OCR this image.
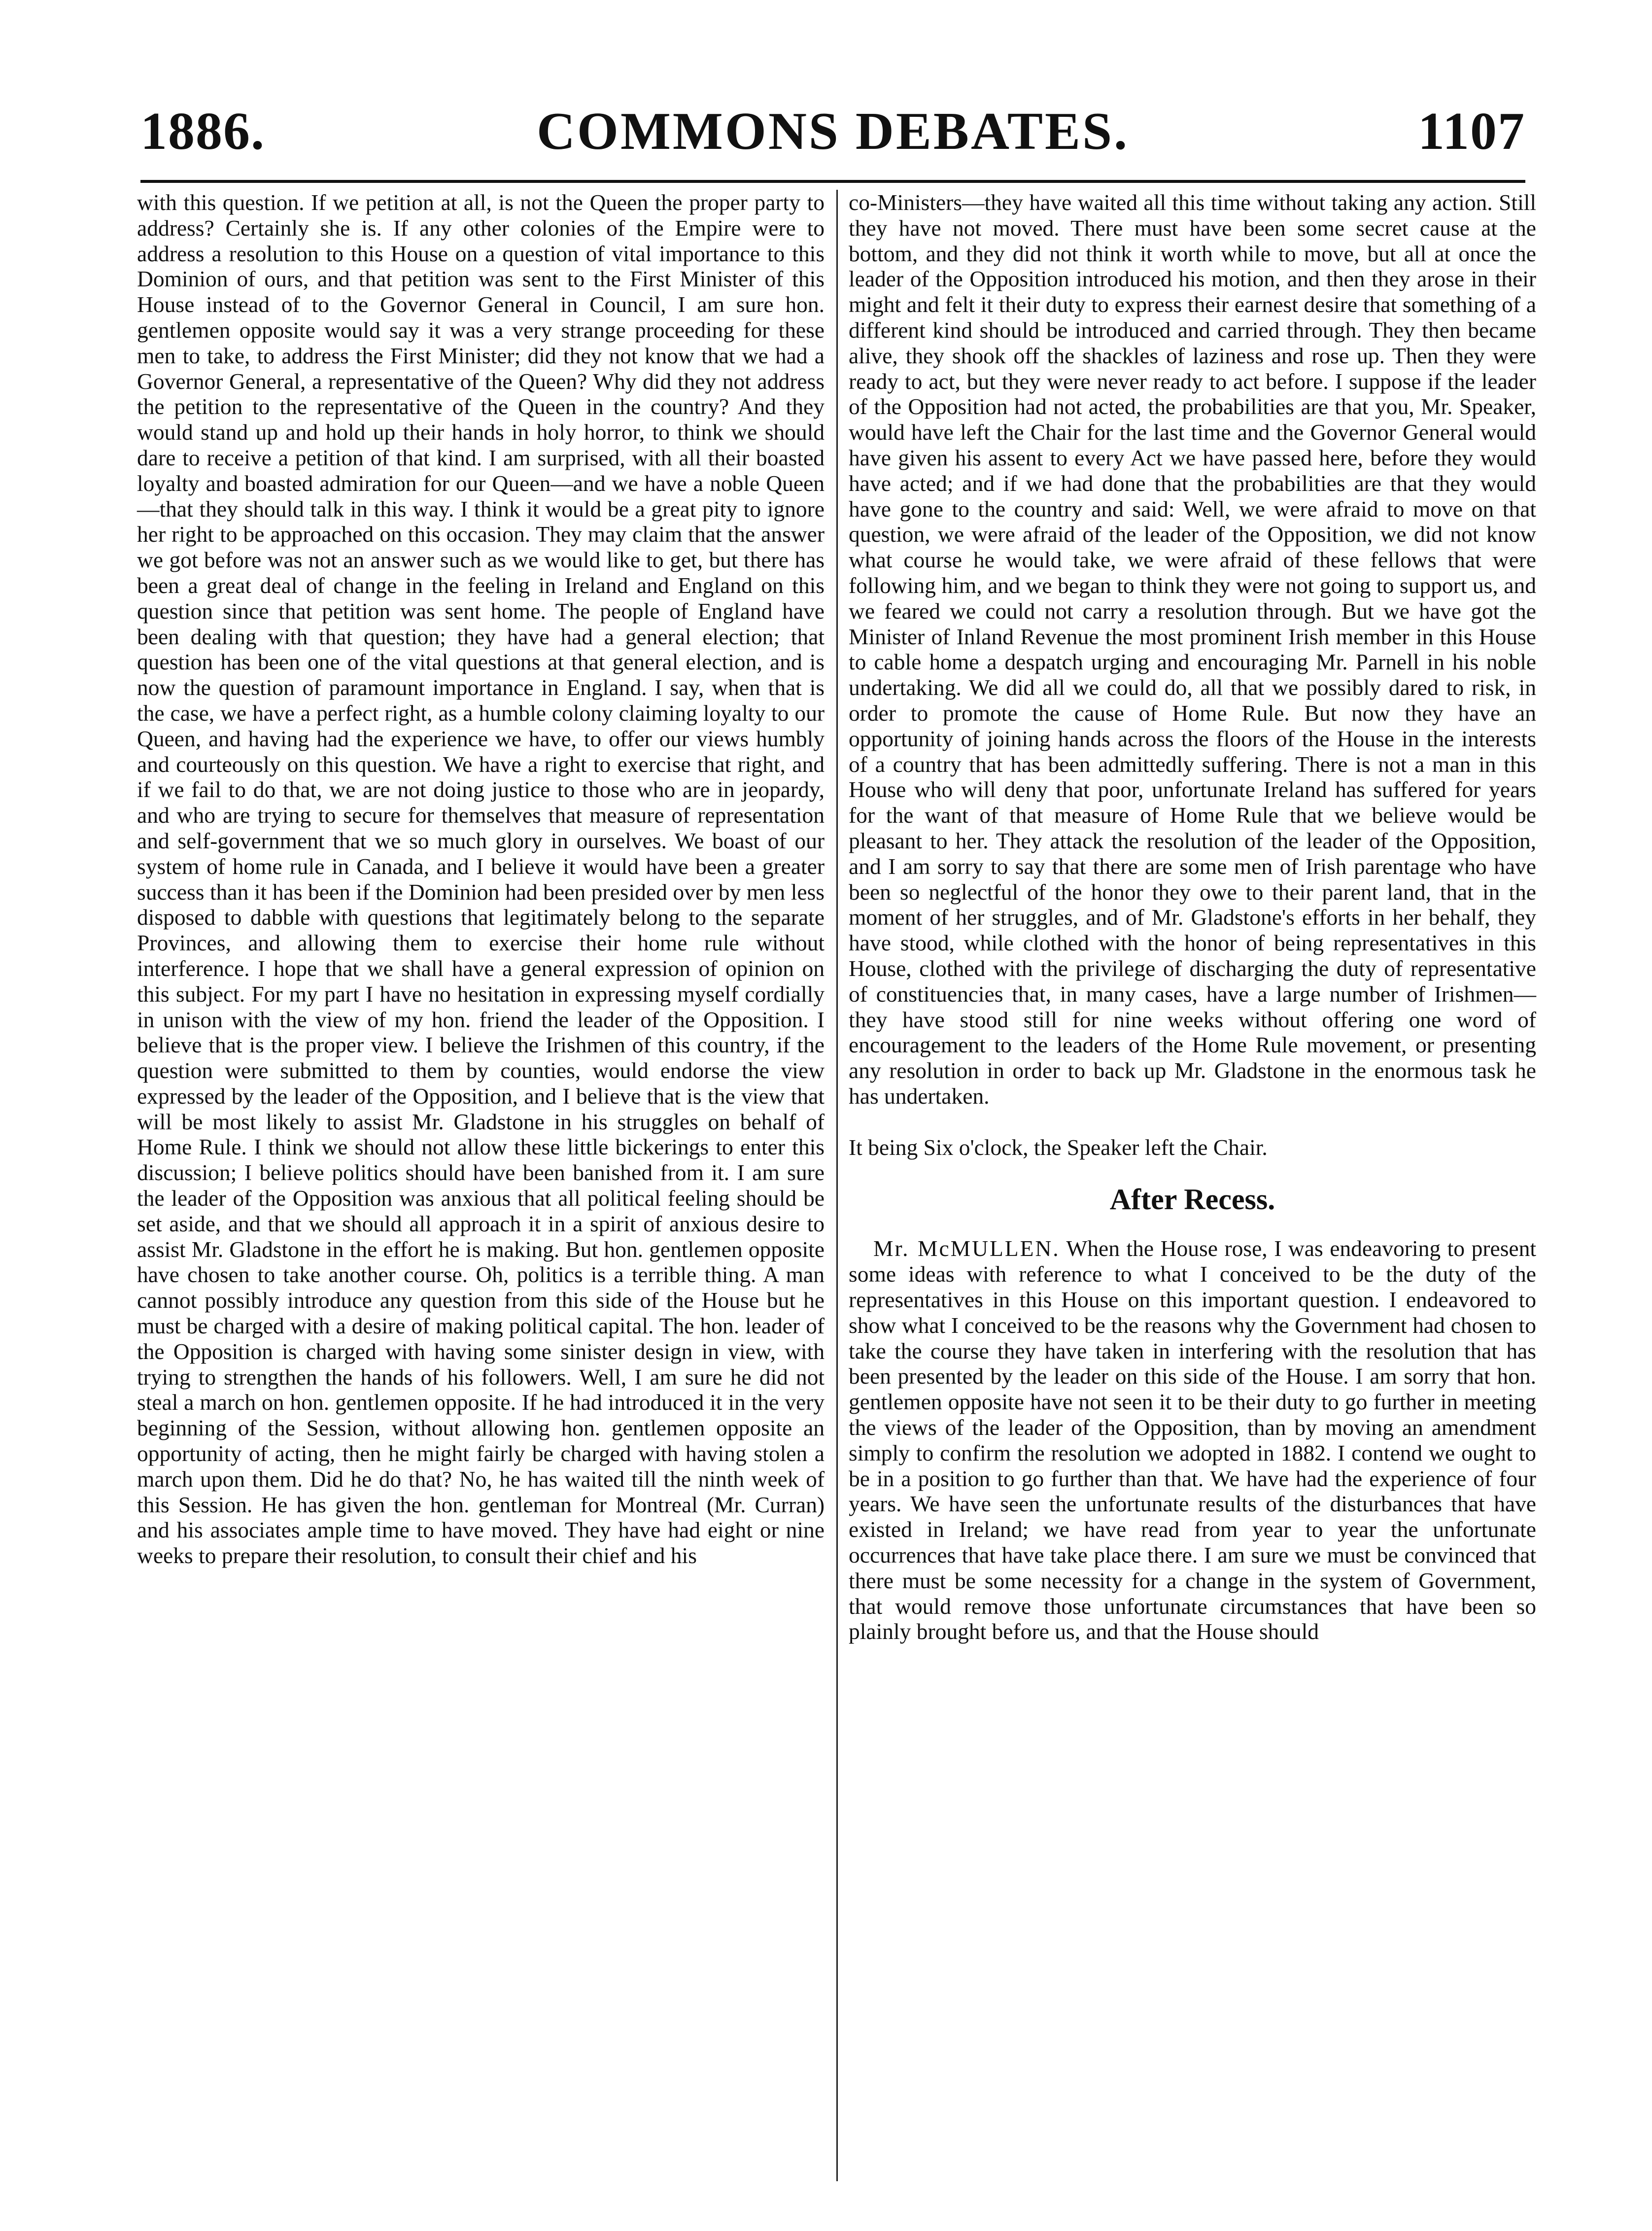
1886.	COMMONS DEBATES.	1107

with this question. If we petition at all, is not the Queen the proper party to address? Certainly she is. If any other colonies of the Empire were to address a resolution to this House on a question of vital importance to this Dominion of ours, and that petition was sent to the First Minister of this House instead of to the Governor General in Council, I am sure hon. gentlemen opposite would say it was a very strange proceeding for these men to take, to address the First Minister; did they not know that we had a Governor General, a representative of the Queen? Why did they not address the petition to the representative of the Queen in the country? And they would stand up and hold up their hands in holy horror, to think we should dare to receive a petition of that kind. I am surprised, with all their boasted loyalty and boasted admiration for our Queen—and we have a noble Queen—that they should talk in this way. I think it would be a great pity to ignore her right to be approached on this occasion. They may claim that the answer we got before was not an answer such as we would like to get, but there has been a great deal of change in the feeling in Ireland and England on this question since that petition was sent home. The people of England have been dealing with that question; they have had a general election; that question has been one of the vital questions at that general election, and is now the question of paramount importance in England. I say, when that is the case, we have a perfect right, as a humble colony claiming loyalty to our Queen, and having had the experience we have, to offer our views humbly and courteously on this question. We have a right to exercise that right, and if we fail to do that, we are not doing justice to those who are in jeopardy, and who are trying to secure for themselves that measure of representation and self-government that we so much glory in ourselves. We boast of our system of home rule in Canada, and I believe it would have been a greater success than it has been if the Dominion had been presided over by men less disposed to dabble with questions that legitimately belong to the separate Provinces, and allowing them to exercise their home rule without interference. I hope that we shall have a general expression of opinion on this subject. For my part I have no hesitation in expressing myself cordially in unison with the view of my hon. friend the leader of the Opposition. I believe that is the proper view. I believe the Irishmen of this country, if the question were submitted to them by counties, would endorse the view expressed by the leader of the Opposition, and I believe that is the view that will be most likely to assist Mr. Gladstone in his struggles on behalf of Home Rule. I think we should not allow these little bickerings to enter this discussion; I believe politics should have been banished from it. I am sure the leader of the Opposition was anxious that all political feeling should be set aside, and that we should all approach it in a spirit of anxious desire to assist Mr. Gladstone in the effort he is making. But hon. gentlemen opposite have chosen to take another course. Oh, politics is a terrible thing. A man cannot possibly introduce any question from this side of the House but he must be charged with a desire of making political capital. The hon. leader of the Opposition is charged with having some sinister design in view, with trying to strengthen the hands of his followers. Well, I am sure he did not steal a march on hon. gentlemen opposite. If he had introduced it in the very beginning of the Session, without allowing hon. gentlemen opposite an opportunity of acting, then he might fairly be charged with having stolen a march upon them. Did he do that? No, he has waited till the ninth week of this Session. He has given the hon. gentleman for Montreal (Mr. Curran) and his associates ample time to have moved. They have had eight or nine weeks to prepare their resolution, to consult their chief and his

co-Ministers—they have waited all this time without taking any action. Still they have not moved. There must have been some secret cause at the bottom, and they did not think it worth while to move, but all at once the leader of the Opposition introduced his motion, and then they arose in their might and felt it their duty to express their earnest desire that something of a different kind should be introduced and carried through. They then became alive, they shook off the shackles of laziness and rose up. Then they were ready to act, but they were never ready to act before. I suppose if the leader of the Opposition had not acted, the probabilities are that you, Mr. Speaker, would have left the Chair for the last time and the Governor General would have given his assent to every Act we have passed here, before they would have acted; and if we had done that the probabilities are that they would have gone to the country and said: Well, we were afraid to move on that question, we were afraid of the leader of the Opposition, we did not know what course he would take, we were afraid of these fellows that were following him, and we began to think they were not going to support us, and we feared we could not carry a resolution through. But we have got the Minister of Inland Revenue the most prominent Irish member in this House to cable home a despatch urging and encouraging Mr. Parnell in his noble undertaking. We did all we could do, all that we possibly dared to risk, in order to promote the cause of Home Rule. But now they have an opportunity of joining hands across the floors of the House in the interests of a country that has been admittedly suffering. There is not a man in this House who will deny that poor, unfortunate Ireland has suffered for years for the want of that measure of Home Rule that we believe would be pleasant to her. They attack the resolution of the leader of the Opposition, and I am sorry to say that there are some men of Irish parentage who have been so neglectful of the honor they owe to their parent land, that in the moment of her struggles, and of Mr. Gladstone's efforts in her behalf, they have stood, while clothed with the honor of being representatives in this House, clothed with the privilege of discharging the duty of representative of constituencies that, in many cases, have a large number of Irishmen—they have stood still for nine weeks without offering one word of encouragement to the leaders of the Home Rule movement, or presenting any resolution in order to back up Mr. Gladstone in the enormous task he has undertaken.

It being Six o'clock, the Speaker left the Chair.

After Recess.

Mr. McMULLEN. When the House rose, I was endeavoring to present some ideas with reference to what I conceived to be the duty of the representatives in this House on this important question. I endeavored to show what I conceived to be the reasons why the Government had chosen to take the course they have taken in interfering with the resolution that has been presented by the leader on this side of the House. I am sorry that hon. gentlemen opposite have not seen it to be their duty to go further in meeting the views of the leader of the Opposition, than by moving an amendment simply to confirm the resolution we adopted in 1882. I contend we ought to be in a position to go further than that. We have had the experience of four years. We have seen the unfortunate results of the disturbances that have existed in Ireland; we have read from year to year the unfortunate occurrences that have take place there. I am sure we must be convinced that there must be some necessity for a change in the system of Government, that would remove those unfortunate circumstances that have been so plainly brought before us, and that the House should
